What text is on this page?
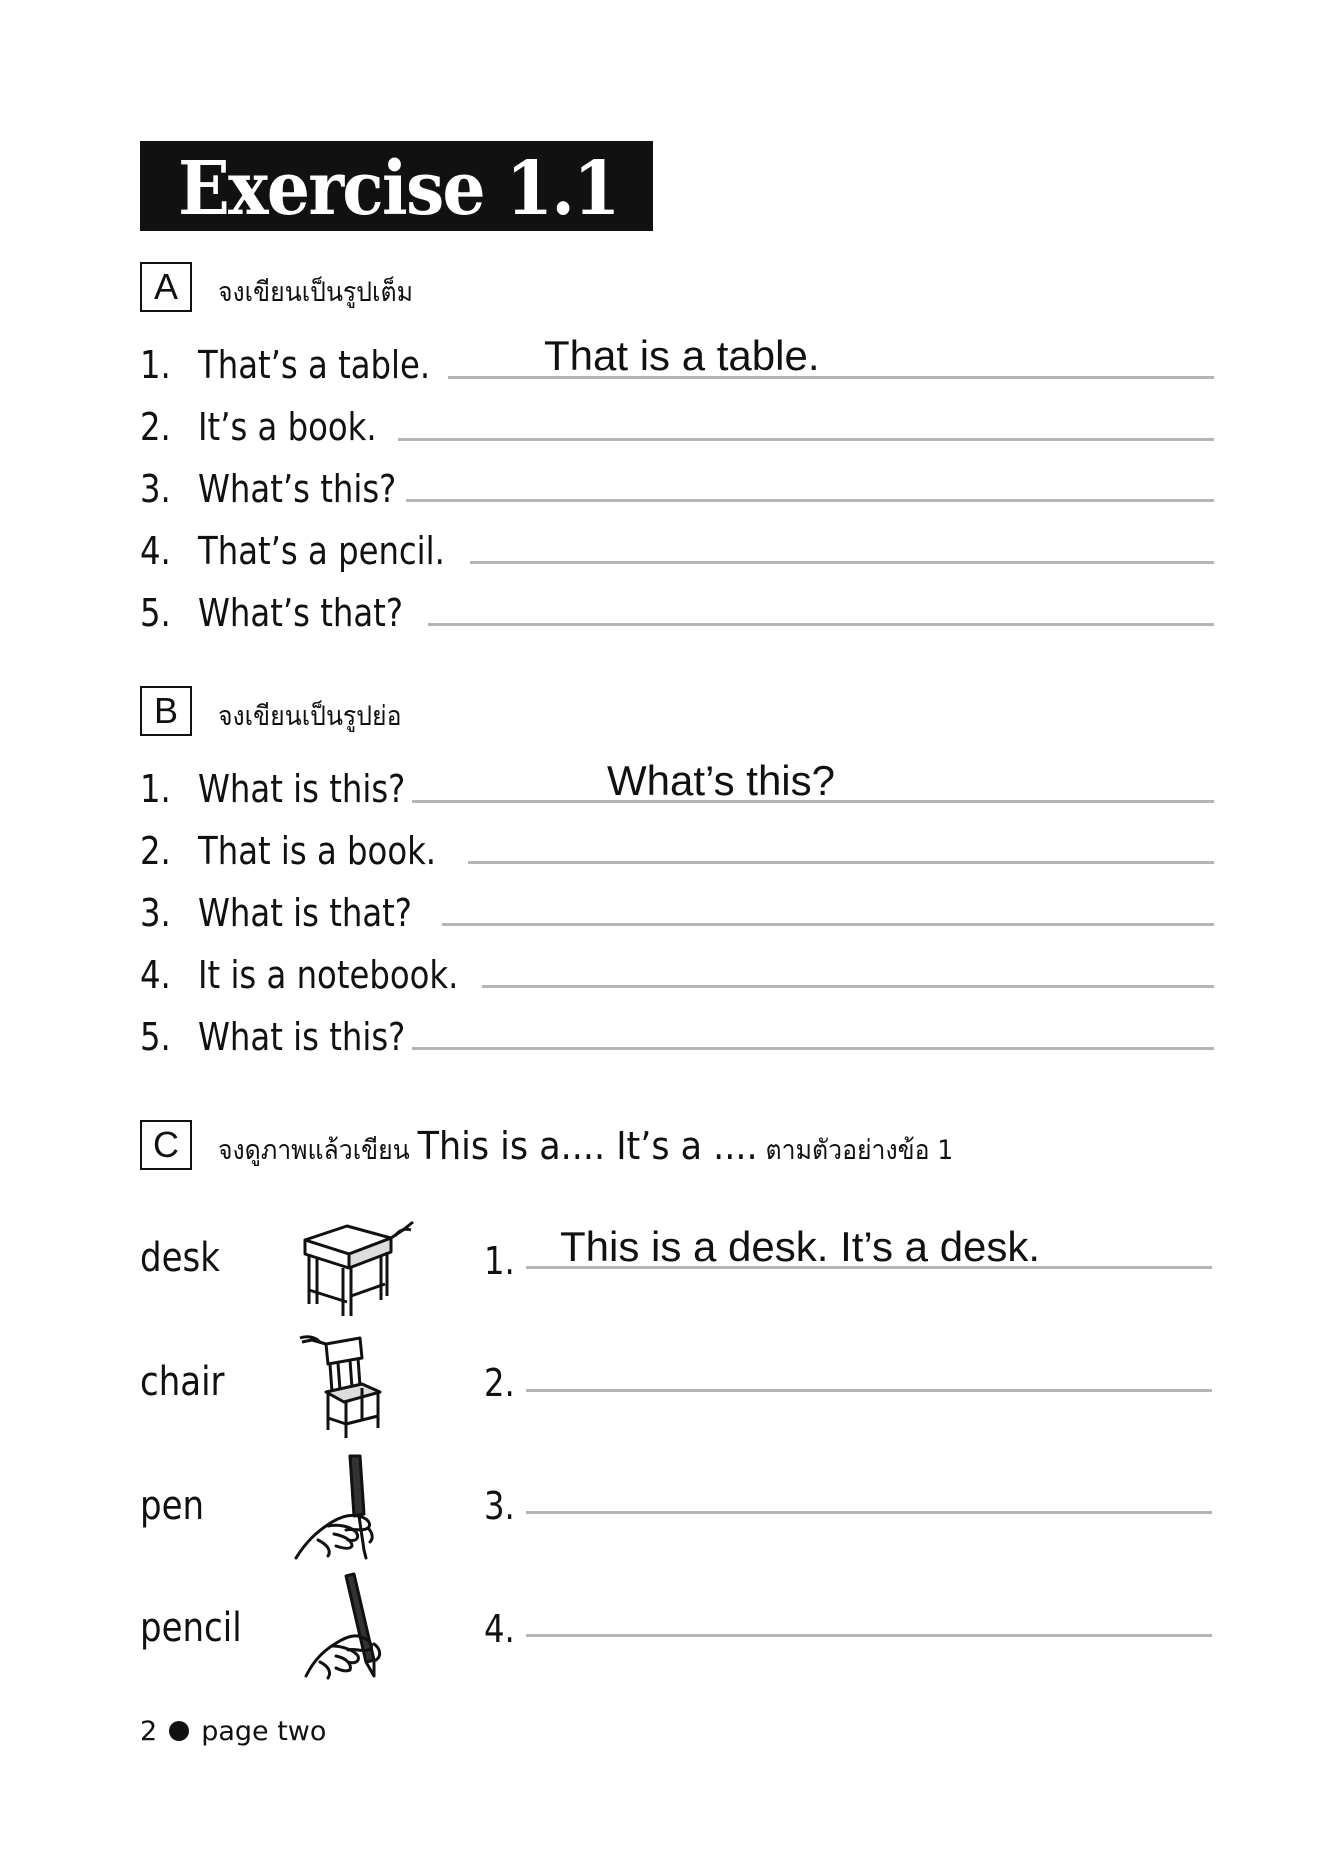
Exercise 1.1
A	จงเขียนเป็นรูปเต็ม
1. That’s a table.	That is a table.
2. It’s a book.
3. What’s this?
4. That’s a pencil.
5. What’s that?
B	จงเขียนเป็นรูปย่อ
1. What is this?	What’s this?
2. That is a book.
3. What is that?
4. It is a notebook.
5. What is this?
C	จงดูภาพแล้วเขียน This is a.... It’s a .... ตามตัวอย่างข้อ 1
desk	1. This is a desk. It’s a desk.
chair	2.
pen	3.
pencil	4.
2 page two
